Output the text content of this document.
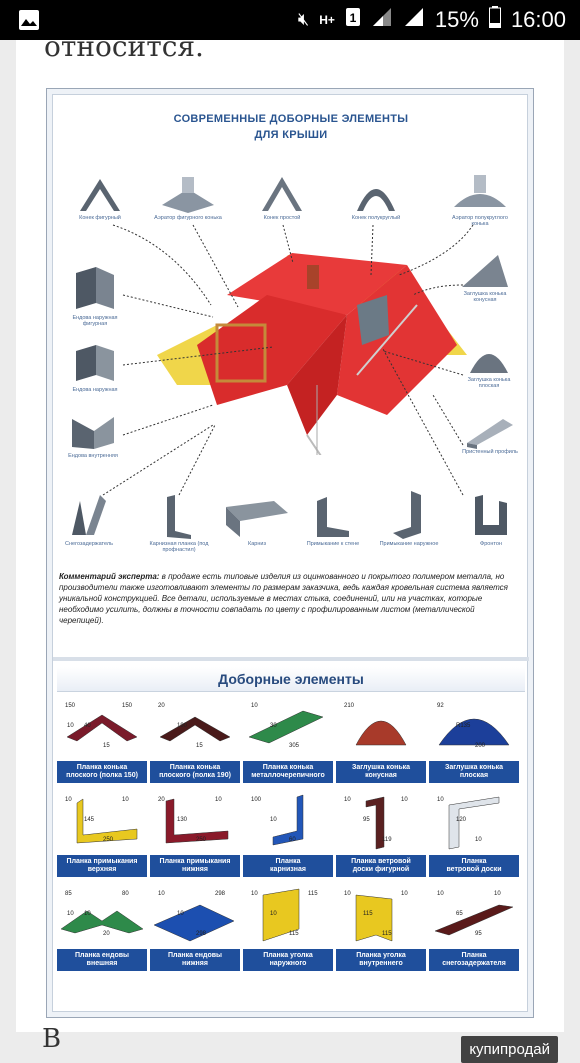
🔇︎ H+ 1	15% 16:00
относится.
СОВРЕМЕННЫЕ ДОБОРНЫЕ ЭЛЕМЕНТЫ
ДЛЯ КРЫШИ
Конек фигурный	Аэратор фигурного конька	Конек простой	Конек полукруглый	Аэратор полукруглого конька
Ендова наружная фигурная
Заглушка конька конусная
Ендова наружная
Заглушка конька плоская
Ендова внутренняя
Пристенный профиль
Снегозадержатель	Карнизная планка (под профнастил)
Карниз	Примыкание к стене	Примыкание наружное	Фронтон
Комментарий эксперта: в продаже есть типовые изделия из оцинкованного и покрытого полимером металла, но производители также изготовливают элементы по размерам заказчика, ведь каждая кровельная система является уникальной конструкцией. Все детали, используемые в местах стыка, соединений, или на участках, которые необходимо усилить, должны в точности совпадать по цвету с профилированным листом (металлической черепицей).
Доборные элементы
150
40
15
150
10
Планка конька
плоского (полка 150)
20
190
15
Планка конька
плоского (полка 190)
10
30
305
Планка конька
металлочерепичного
210
Заглушка конька
конусная
92
R135
200
Заглушка конька
плоская
10
145
250
10
Планка примыкания
верхняя
20
130
250
10
Планка примыкания
нижняя
100
10
60
Планка
карнизная
10
95
119
10
Планка ветровой
доски фигурной
10
120
10
Планка
ветровой доски
85
10
20
80
10
Планка ендовы
внешняя
10
10
298
298
Планка ендовы
нижняя
10
10
115
115
Планка уголка
наружного
10
115
115
10
Планка уголка
внутреннего
10
65
95
10
Планка
снегозадержателя
В	купипродай
